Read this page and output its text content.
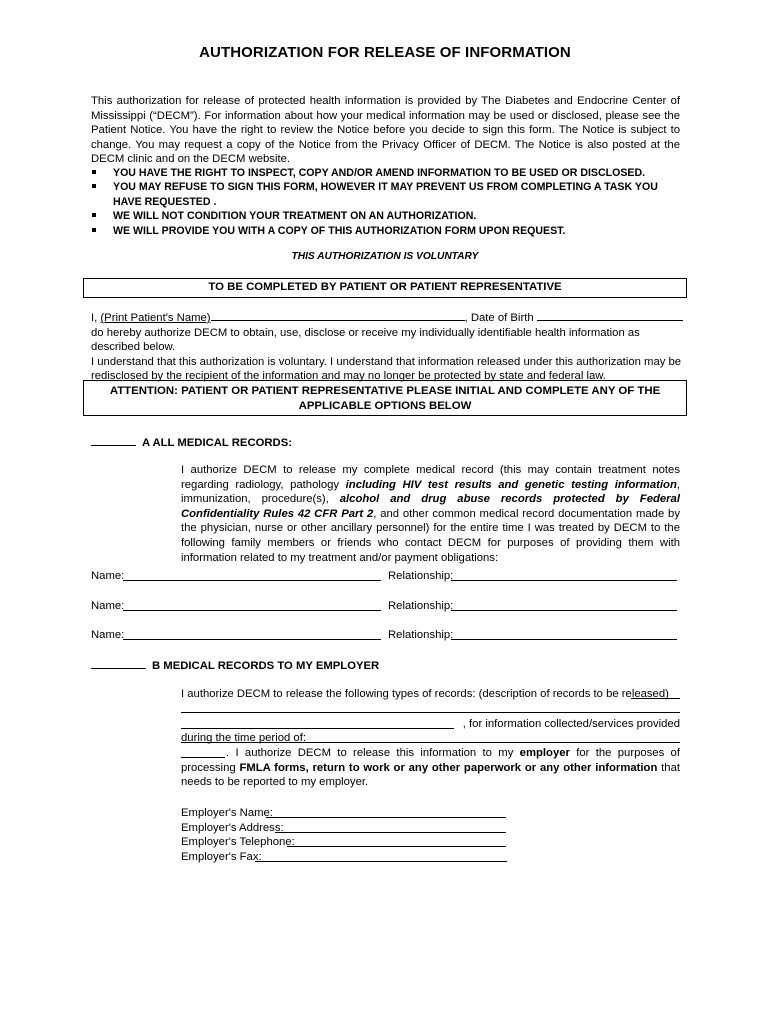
AUTHORIZATION FOR RELEASE OF INFORMATION
This authorization for release of protected health information is provided by The Diabetes and Endocrine Center of Mississippi (“DECM”). For information about how your medical information may be used or disclosed, please see the Patient Notice. You have the right to review the Notice before you decide to sign this form. The Notice is subject to change. You may request a copy of the Notice from the Privacy Officer of DECM. The Notice is also posted at the DECM clinic and on the DECM website.
YOU HAVE THE RIGHT TO INSPECT, COPY AND/OR AMEND INFORMATION TO BE USED OR DISCLOSED.
YOU MAY REFUSE TO SIGN THIS FORM, HOWEVER IT MAY PREVENT US FROM COMPLETING A TASK YOU HAVE REQUESTED .
WE WILL NOT CONDITION YOUR TREATMENT ON AN AUTHORIZATION.
WE WILL PROVIDE YOU WITH A COPY OF THIS AUTHORIZATION FORM UPON REQUEST.
THIS AUTHORIZATION IS VOLUNTARY
TO BE COMPLETED BY PATIENT OR PATIENT REPRESENTATIVE
I, (Print Patient's Name)	, Date of Birth
do hereby authorize DECM to obtain, use, disclose or receive my individually identifiable health information as described below.
I understand that this authorization is voluntary. I understand that information released under this authorization may be redisclosed by the recipient of the information and may no longer be protected by state and federal law.
ATTENTION: PATIENT OR PATIENT REPRESENTATIVE PLEASE INITIAL AND COMPLETE ANY OF THE APPLICABLE OPTIONS BELOW
A ALL MEDICAL RECORDS:
I authorize DECM to release my complete medical record (this may contain treatment notes regarding radiology, pathology including HIV test results and genetic testing information, immunization, procedure(s), alcohol and drug abuse records protected by Federal Confidentiality Rules 42 CFR Part 2, and other common medical record documentation made by the physician, nurse or other ancillary personnel) for the entire time I was treated by DECM to the following family members or friends who contact DECM for purposes of providing them with information related to my treatment and/or payment obligations:
Name:	Relationship:
Name:	Relationship:
Name:	Relationship:
B MEDICAL RECORDS TO MY EMPLOYER
I authorize DECM to release the following types of records: (description of records to be released)
, for information collected/services provided
during the time period of:
. I authorize DECM to release this information to my employer for the purposes of processing FMLA forms, return to work or any other paperwork or any other information that needs to be reported to my employer.
Employer's Name:
Employer's Address:
Employer's Telephone:
Employer's Fax:
